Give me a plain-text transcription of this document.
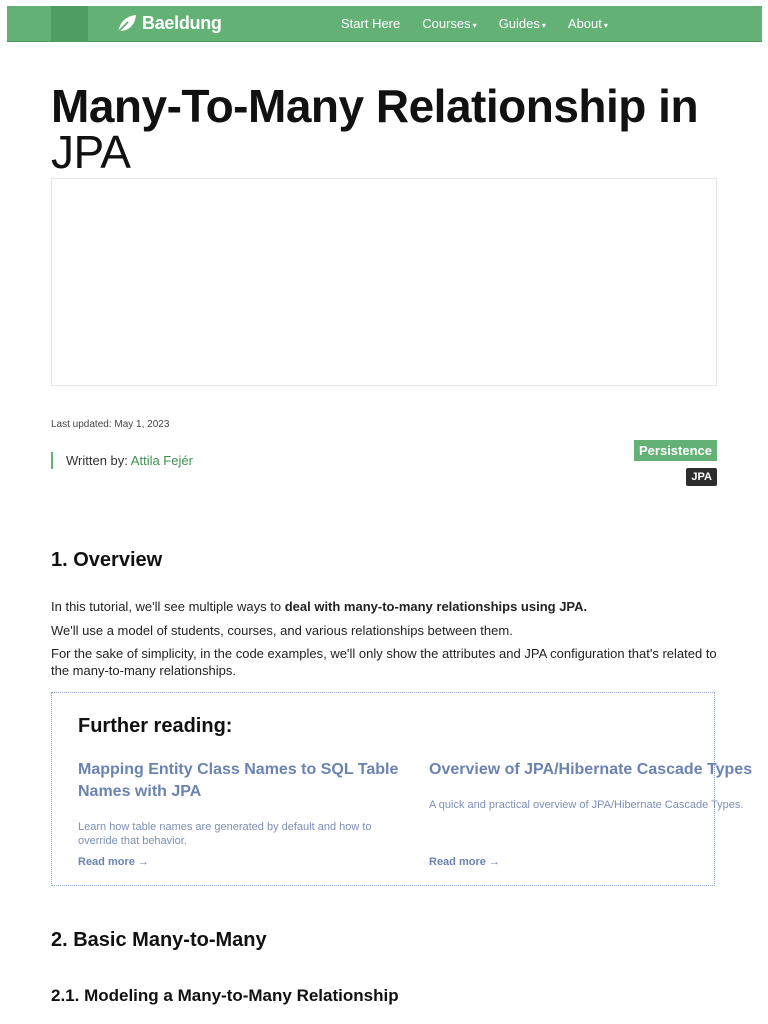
Baeldung	Start Here Courses ▾ Guides ▾ About ▾
Many-To-Many Relationship in
JPA
Last updated: May 1, 2023
Written by: Attila Fejér
Persistence
JPA
1. Overview

In this tutorial, we'll see multiple ways to deal with many-to-many relationships using JPA.

We'll use a model of students, courses, and various relationships between them.

For the sake of simplicity, in the code examples, we'll only show the attributes and JPA configuration that's related to the many-to-many relationships.

Further reading:

Mapping Entity Class Names to SQL Table Names with JPA

Learn how table names are generated by default and how to override that behavior.

Read more →

Overview of JPA/Hibernate Cascade Types

A quick and practical overview of JPA/Hibernate Cascade Types.

Read more →
2. Basic Many-to-Many
2.1. Modeling a Many-to-Many Relationship
